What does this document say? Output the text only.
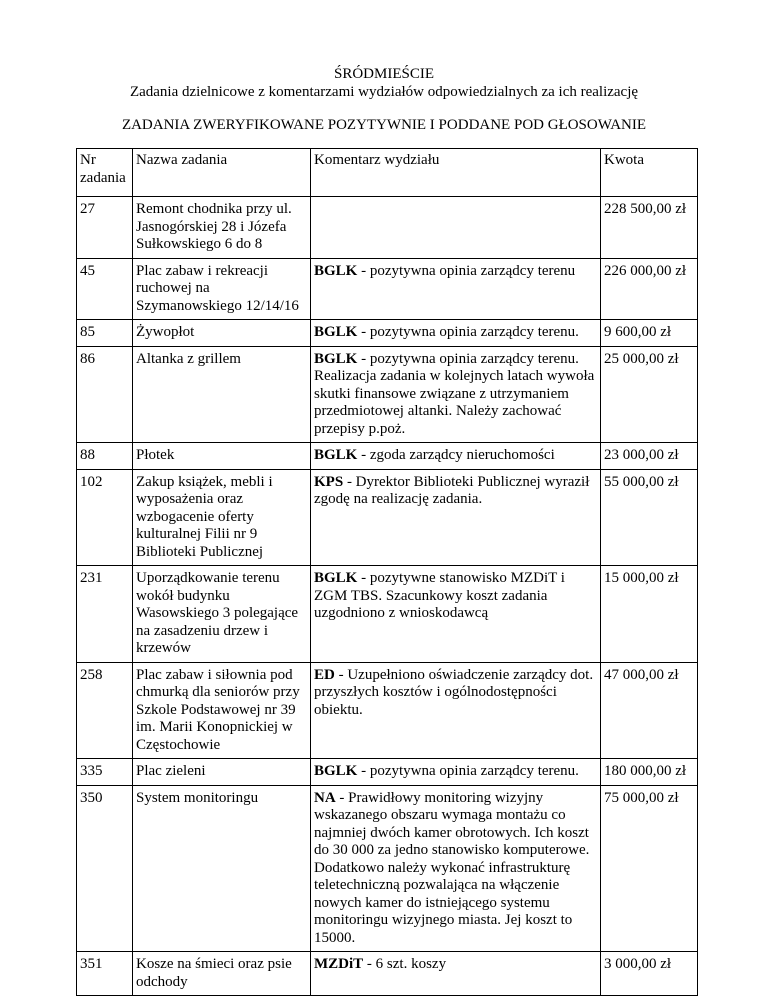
ŚRÓDMIEŚCIE
Zadania dzielnicowe z komentarzami wydziałów odpowiedzialnych za ich realizację
ZADANIA ZWERYFIKOWANE POZYTYWNIE I PODDANE POD GŁOSOWANIE
Nr zadania	Nazwa zadania	Komentarz wydziału	Kwota
27	Remont chodnika przy ul. Jasnogórskiej 28 i Józefa Sułkowskiego 6 do 8		228 500,00 zł
45	Plac zabaw i rekreacji ruchowej na Szymanowskiego 12/14/16	BGLK - pozytywna opinia zarządcy terenu	226 000,00 zł
85	Żywopłot	BGLK - pozytywna opinia zarządcy terenu.	9 600,00 zł
86	Altanka z grillem	BGLK - pozytywna opinia zarządcy terenu. Realizacja zadania w kolejnych latach wywoła skutki finansowe związane z utrzymaniem przedmiotowej altanki. Należy zachować przepisy p.poż.	25 000,00 zł
88	Płotek	BGLK - zgoda zarządcy nieruchomości	23 000,00 zł
102	Zakup książek, mebli i wyposażenia oraz wzbogacenie oferty kulturalnej Filii nr 9 Biblioteki Publicznej	KPS - Dyrektor Biblioteki Publicznej wyraził zgodę na realizację zadania.	55 000,00 zł
231	Uporządkowanie terenu wokół budynku Wasowskiego 3 polegające na zasadzeniu drzew i krzewów	BGLK - pozytywne stanowisko MZDiT i ZGM TBS. Szacunkowy koszt zadania uzgodniono z wnioskodawcą	15 000,00 zł
258	Plac zabaw i siłownia pod chmurką dla seniorów przy Szkole Podstawowej nr 39 im. Marii Konopnickiej w Częstochowie	ED - Uzupełniono oświadczenie zarządcy dot. przyszłych kosztów i ogólnodostępności obiektu.	47 000,00 zł
335	Plac zieleni	BGLK - pozytywna opinia zarządcy terenu.	180 000,00 zł
350	System monitoringu	NA - Prawidłowy monitoring wizyjny wskazanego obszaru wymaga montażu co najmniej dwóch kamer obrotowych. Ich koszt do 30 000 za jedno stanowisko komputerowe. Dodatkowo należy wykonać infrastrukturę teletechniczną pozwalająca na włączenie nowych kamer do istniejącego systemu monitoringu wizyjnego miasta. Jej koszt to 15000.	75 000,00 zł
351	Kosze na śmieci oraz psie odchody	MZDiT - 6 szt. koszy	3 000,00 zł
